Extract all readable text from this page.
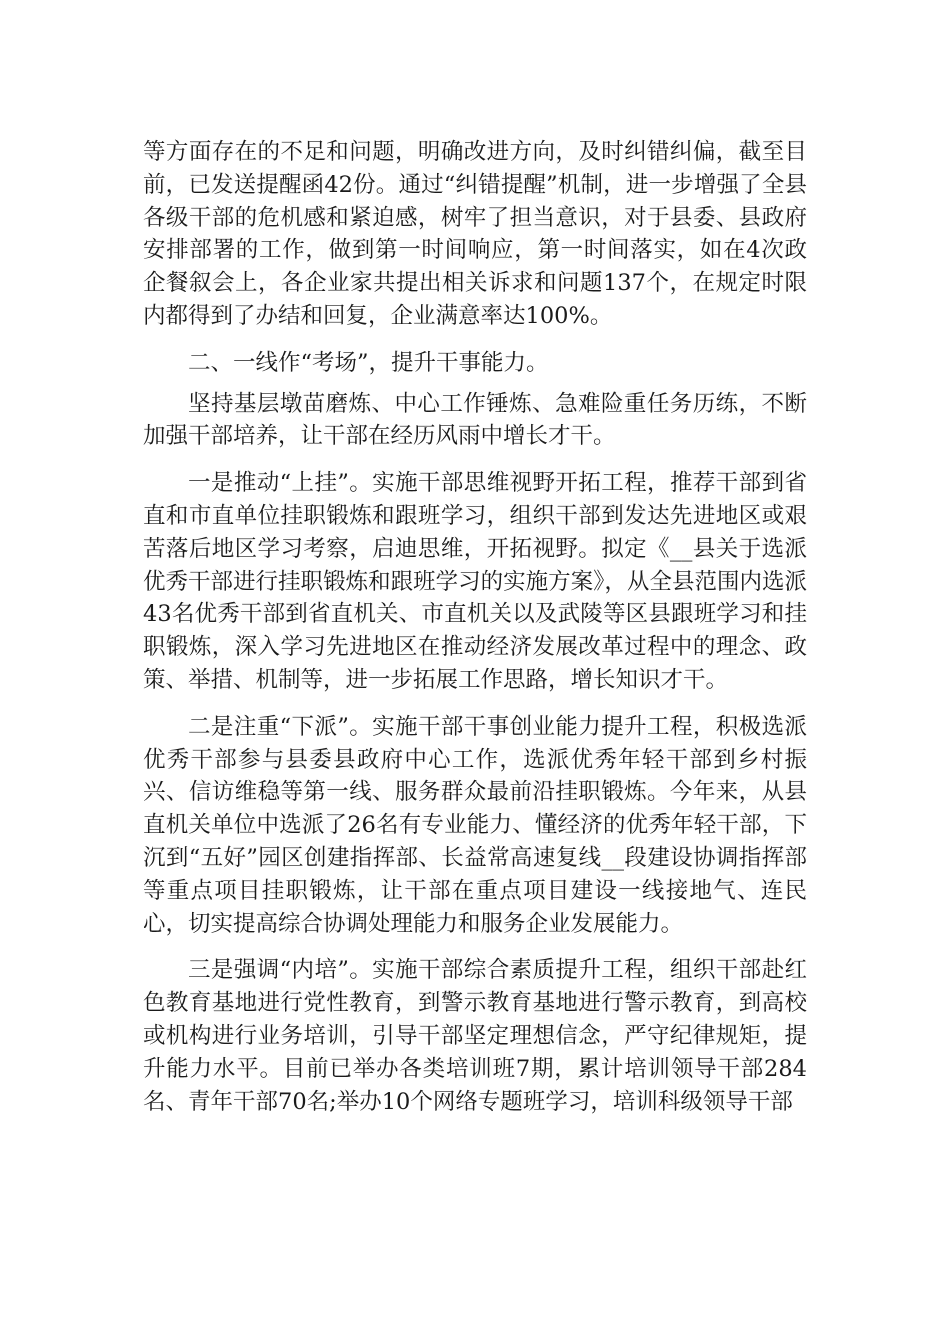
等方面存在的不足和问题，明确改进方向，及时纠错纠偏，截至目前，已发送提醒函42份。通过“纠错提醒”机制，进一步增强了全县各级干部的危机感和紧迫感，树牢了担当意识，对于县委、县政府安排部署的工作，做到第一时间响应，第一时间落实，如在4次政企餐叙会上，各企业家共提出相关诉求和问题137个，在规定时限内都得到了办结和回复，企业满意率达100%。

二、一线作“考场”，提升干事能力。

坚持基层墩苗磨炼、中心工作锤炼、急难险重任务历练，不断加强干部培养，让干部在经历风雨中增长才干。

一是推动“上挂”。实施干部思维视野开拓工程，推荐干部到省直和市直单位挂职锻炼和跟班学习，组织干部到发达先进地区或艰苦落后地区学习考察，启迪思维，开拓视野。拟定《__县关于选派优秀干部进行挂职锻炼和跟班学习的实施方案》，从全县范围内选派43名优秀干部到省直机关、市直机关以及武陵等区县跟班学习和挂职锻炼，深入学习先进地区在推动经济发展改革过程中的理念、政策、举措、机制等，进一步拓展工作思路，增长知识才干。

二是注重“下派”。实施干部干事创业能力提升工程，积极选派优秀干部参与县委县政府中心工作，选派优秀年轻干部到乡村振兴、信访维稳等第一线、服务群众最前沿挂职锻炼。今年来，从县直机关单位中选派了26名有专业能力、懂经济的优秀年轻干部，下沉到“五好”园区创建指挥部、长益常高速复线__段建设协调指挥部等重点项目挂职锻炼，让干部在重点项目建设一线接地气、连民心，切实提高综合协调处理能力和服务企业发展能力。

三是强调“内培”。实施干部综合素质提升工程，组织干部赴红色教育基地进行党性教育，到警示教育基地进行警示教育，到高校或机构进行业务培训，引导干部坚定理想信念，严守纪律规矩，提升能力水平。目前已举办各类培训班7期，累计培训领导干部284名、青年干部70名;举办10个网络专题班学习，培训科级领导干部
